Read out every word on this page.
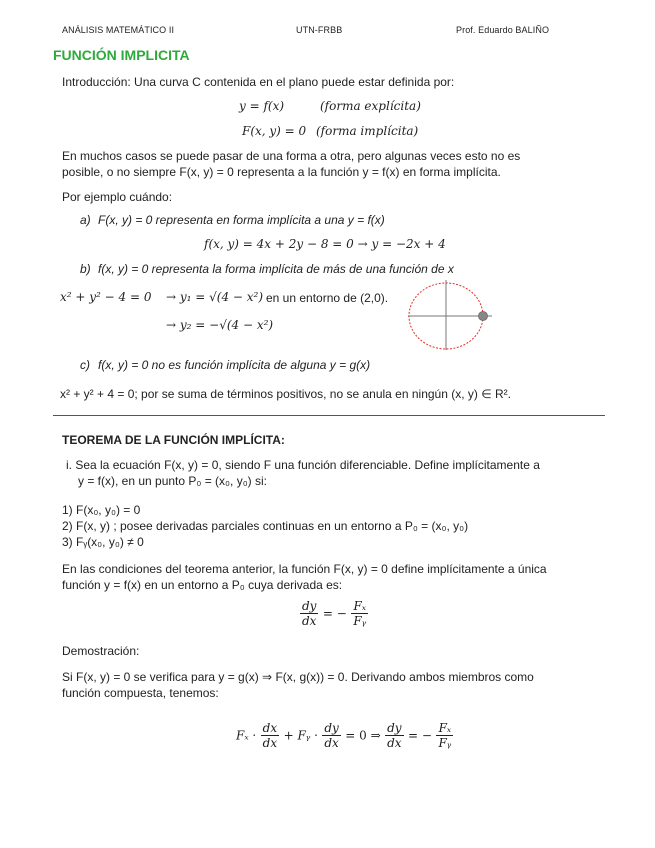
ANÁLISIS MATEMÁTICO II	UTN-FRBB	Prof. Eduardo BALIÑO
FUNCIÓN IMPLICITA
Introducción: Una curva C contenida en el plano puede estar definida por:
y = f(x)	(forma explícita)
F(x, y) = 0 (forma implícita)
En muchos casos se puede pasar de una forma a otra, pero algunas veces esto no es
posible, o no siempre F(x, y) = 0 representa a la función y = f(x) en forma implícita.
Por ejemplo cuándo:
a) F(x, y) = 0 representa en forma implícita a una y = f(x)
f(x, y) = 4x + 2y − 8 = 0 → y = −2x + 4
b) f(x, y) = 0 representa la forma implícita de más de una función de x
x² + y² − 4 = 0 → y₁ = √(4 − x²) en un entorno de (2,0).
→ y₂ = −√(4 − x²)
c) f(x, y) = 0 no es función implícita de alguna y = g(x)
x² + y² + 4 = 0; por se suma de términos positivos, no se anula en ningún (x, y) ∈ R².
TEOREMA DE LA FUNCIÓN IMPLÍCITA:
i. Sea la ecuación F(x, y) = 0, siendo F una función diferenciable. Define implícitamente a
y = f(x), en un punto P₀ = (x₀, y₀) si:
1) F(x₀, y₀) = 0
2) F(x, y) ; posee derivadas parciales continuas en un entorno a P₀ = (x₀, y₀)
3) Fᵧ(x₀, y₀) ≠ 0
En las condiciones del teorema anterior, la función F(x, y) = 0 define implícitamente a única
función y = f(x) en un entorno a P₀ cuya derivada es:
$\frac{dy}{dx}$ = − $\frac{\text{Fₓ}}{\text{Fᵧ}}$
Demostración:
Si F(x, y) = 0 se verifica para y = g(x) ⇒ F(x, g(x)) = 0. Derivando ambos miembros como
función compuesta, tenemos:
$F_x \cdot \frac{dx}{dx}$ + Fᵧ · $\frac{dy}{dx} = 0$ ⇒ $\frac{dy}{dx}$ = − $\frac{\text{Fₓ}}{\text{Fᵧ}}$
